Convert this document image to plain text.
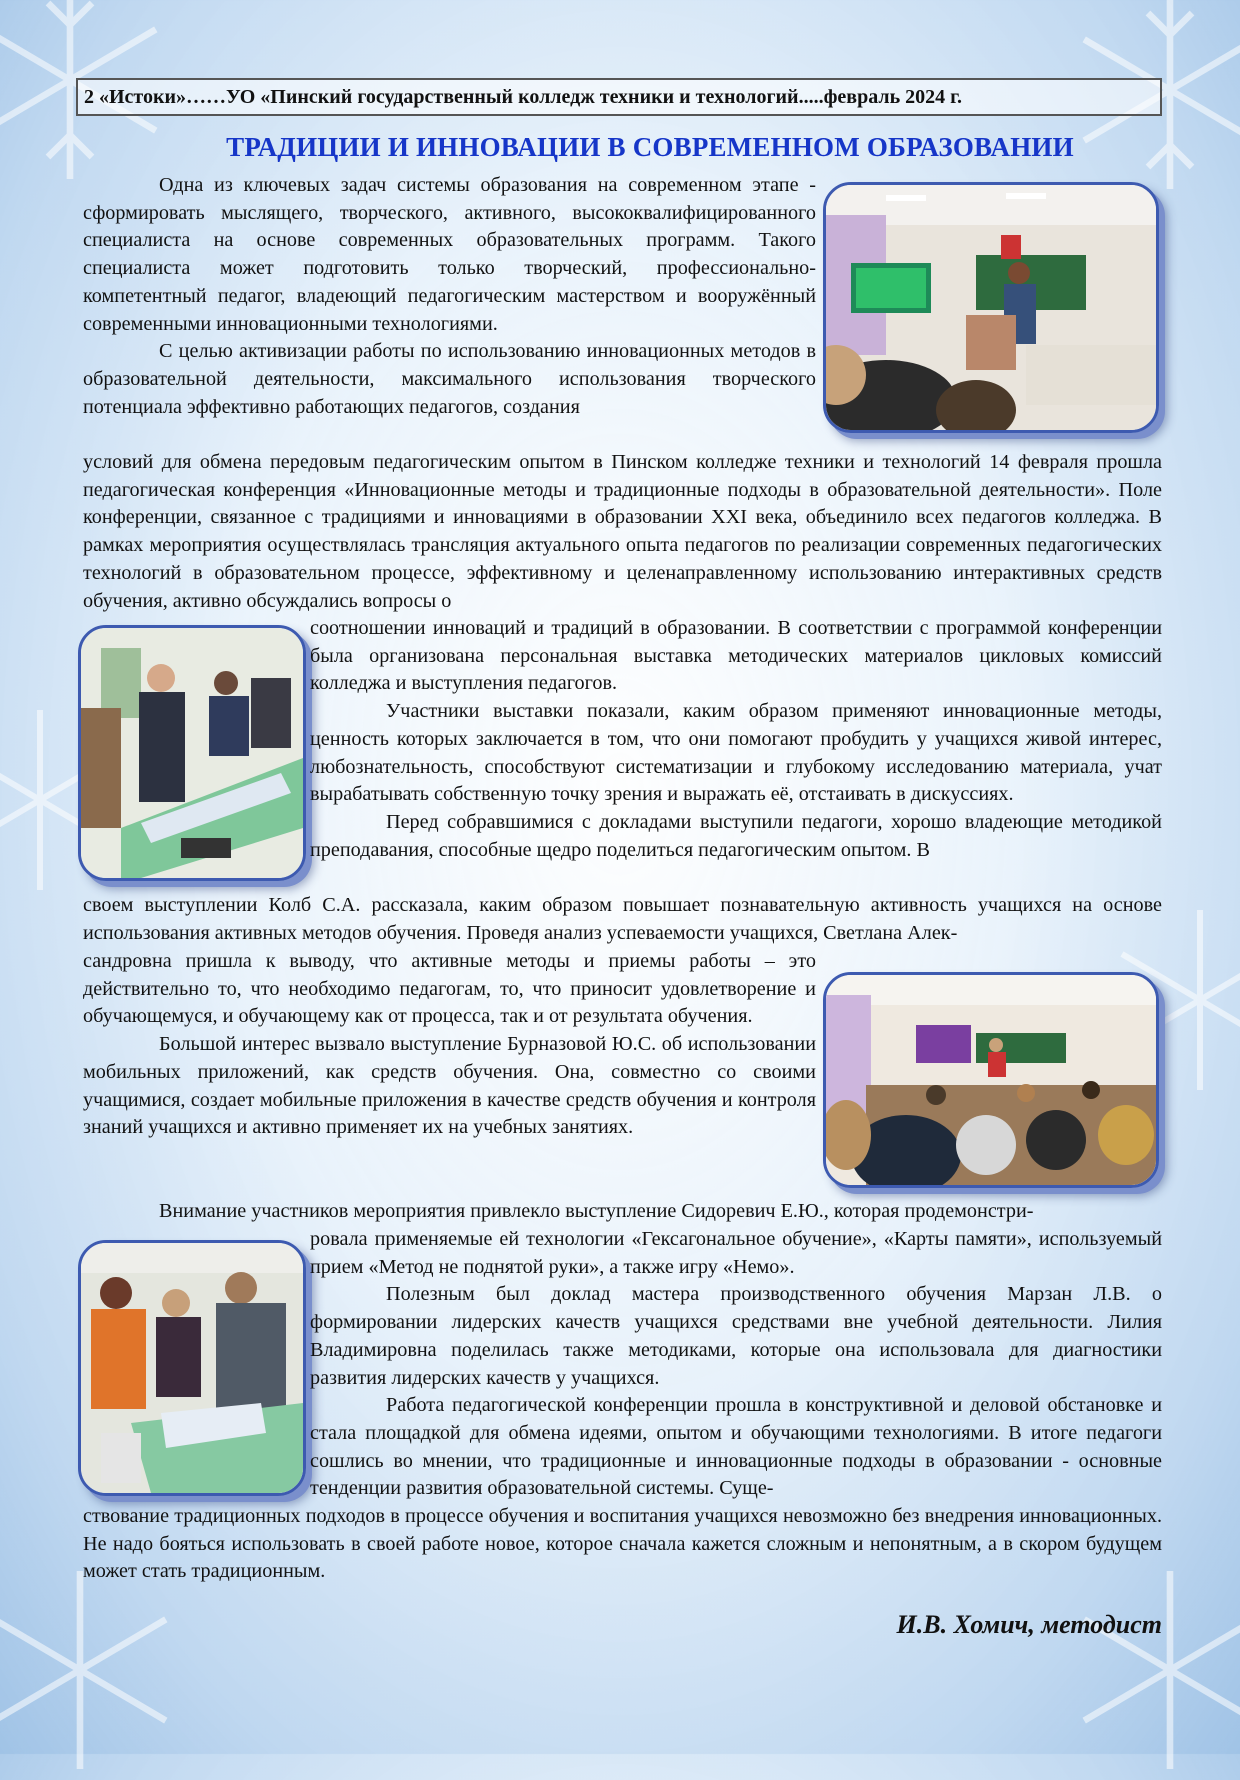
2 «Истоки»……УО «Пинский государственный колледж техники и технологий.....февраль 2024 г.
ТРАДИЦИИ И ИННОВАЦИИ В СОВРЕМЕННОМ ОБРАЗОВАНИИ

Одна из ключевых задач системы образования на современном этапе - сформировать мыслящего, творческого, активного, высококвалифицированного специалиста на основе современных образовательных программ. Такого специалиста может подготовить только творческий, профессионально-компетентный педагог, владеющий педагогическим мастерством и вооружённый современными инновационными технологиями.

С целью активизации работы по использованию инновационных методов в образовательной деятельности, максимального использования творческого потенциала эффективно работающих педагогов, создания

условий для обмена передовым педагогическим опытом в Пинском колледже техники и технологий 14 февраля прошла педагогическая конференция «Инновационные методы и традиционные подходы в образовательной деятельности». Поле конференции, связанное с традициями и инновациями в образовании XXI века, объединило всех педагогов колледжа. В рамках мероприятия осуществлялась трансляция актуального опыта педагогов по реализации современных педагогических технологий в образовательном процессе, эффективному и целенаправленному использованию интерактивных средств обучения, активно обсуждались вопросы о

соотношении инноваций и традиций в образовании. В соответствии с программой конференции была организована персональная выставка методических материалов цикловых комиссий колледжа и выступления педагогов.

Участники выставки показали, каким образом применяют инновационные методы, ценность которых заключается в том, что они помогают пробудить у учащихся живой интерес, любознательность, способствуют систематизации и глубокому исследованию материала, учат вырабатывать собственную точку зрения и выражать её, отстаивать в дискуссиях.

Перед собравшимися с докладами выступили педагоги, хорошо владеющие методикой преподавания, способные щедро поделиться педагогическим опытом. В

своем выступлении Колб С.А. рассказала, каким образом повышает познавательную активность учащихся на основе использования активных методов обучения. Проведя анализ успеваемости учащихся, Светлана Алек-

сандровна пришла к выводу, что активные методы и приемы работы – это действительно то, что необходимо педагогам, то, что приносит удовлетворение и обучающемуся, и обучающему как от процесса, так и от результата обучения.

Большой интерес вызвало выступление Бурназовой Ю.С. об использовании мобильных приложений, как средств обучения. Она, совместно со своими учащимися, создает мобильные приложения в качестве средств обучения и контроля знаний учащихся и активно применяет их на учебных занятиях.

Внимание участников мероприятия привлекло выступление Сидоревич Е.Ю., которая продемонстри-

ровала применяемые ей технологии «Гексагональное обучение», «Карты памяти», используемый прием «Метод не поднятой руки», а также игру «Немо».

Полезным был доклад мастера производственного обучения Марзан Л.В. о формировании лидерских качеств учащихся средствами вне учебной деятельности. Лилия Владимировна поделилась также методиками, которые она использовала для диагностики развития лидерских качеств у учащихся.

Работа педагогической конференции прошла в конструктивной и деловой обстановке и стала площадкой для обмена идеями, опытом и обучающими технологиями. В итоге педагоги сошлись во мнении, что традиционные и инновационные подходы в образовании - основные тенденции развития образовательной системы. Суще-

ствование традиционных подходов в процессе обучения и воспитания учащихся невозможно без внедрения инновационных. Не надо бояться использовать в своей работе новое, которое сначала кажется сложным и непонятным, а в скором будущем может стать традиционным.

И.В. Хомич, методист
